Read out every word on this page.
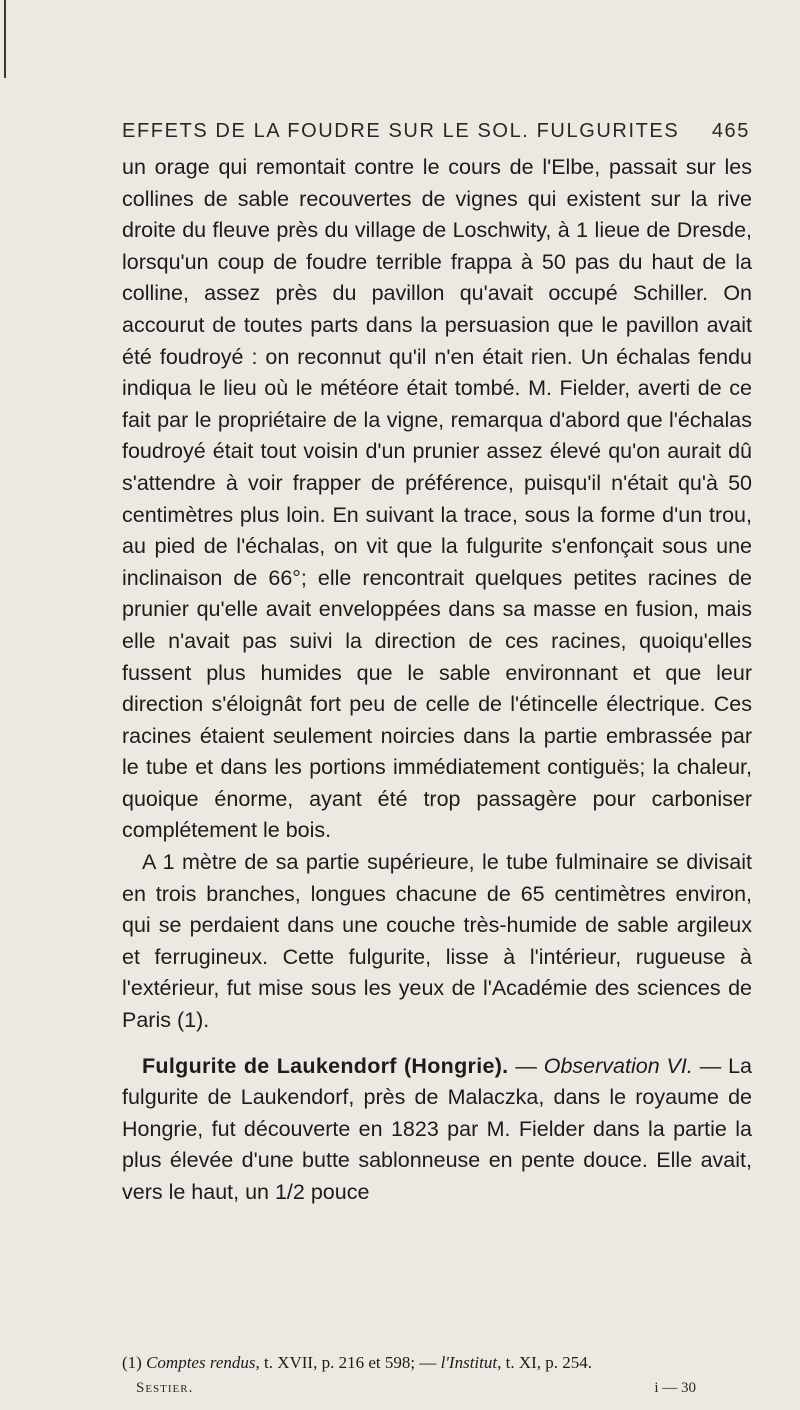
EFFETS DE LA FOUDRE SUR LE SOL. FULGURITES 465

un orage qui remontait contre le cours de l'Elbe, passait sur les collines de sable recouvertes de vignes qui existent sur la rive droite du fleuve près du village de Loschwity, à 1 lieue de Dresde, lorsqu'un coup de foudre terrible frappa à 50 pas du haut de la colline, assez près du pavillon qu'avait occupé Schiller. On accourut de toutes parts dans la persuasion que le pavillon avait été foudroyé : on reconnut qu'il n'en était rien. Un échalas fendu indiqua le lieu où le météore était tombé. M. Fielder, averti de ce fait par le propriétaire de la vigne, remarqua d'abord que l'échalas foudroyé était tout voisin d'un prunier assez élevé qu'on aurait dû s'attendre à voir frapper de préférence, puisqu'il n'était qu'à 50 centimètres plus loin. En suivant la trace, sous la forme d'un trou, au pied de l'échalas, on vit que la fulgurite s'enfonçait sous une inclinaison de 66°; elle rencontrait quelques petites racines de prunier qu'elle avait enveloppées dans sa masse en fusion, mais elle n'avait pas suivi la direction de ces racines, quoiqu'elles fussent plus humides que le sable environnant et que leur direction s'éloignât fort peu de celle de l'étincelle électrique. Ces racines étaient seulement noircies dans la partie embrassée par le tube et dans les portions immédiatement contiguës; la chaleur, quoique énorme, ayant été trop passagère pour carboniser complétement le bois.

A 1 mètre de sa partie supérieure, le tube fulminaire se divisait en trois branches, longues chacune de 65 centimètres environ, qui se perdaient dans une couche très-humide de sable argileux et ferrugineux. Cette fulgurite, lisse à l'intérieur, rugueuse à l'extérieur, fut mise sous les yeux de l'Académie des sciences de Paris (1).

Fulgurite de Laukendorf (Hongrie). — Observation VI. — La fulgurite de Laukendorf, près de Malaczka, dans le royaume de Hongrie, fut découverte en 1823 par M. Fielder dans la partie la plus élevée d'une butte sablonneuse en pente douce. Elle avait, vers le haut, un 1/2 pouce

(1) Comptes rendus, t. XVII, p. 216 et 598; — l'Institut, t. XI, p. 254.
Sestier.	i — 30
